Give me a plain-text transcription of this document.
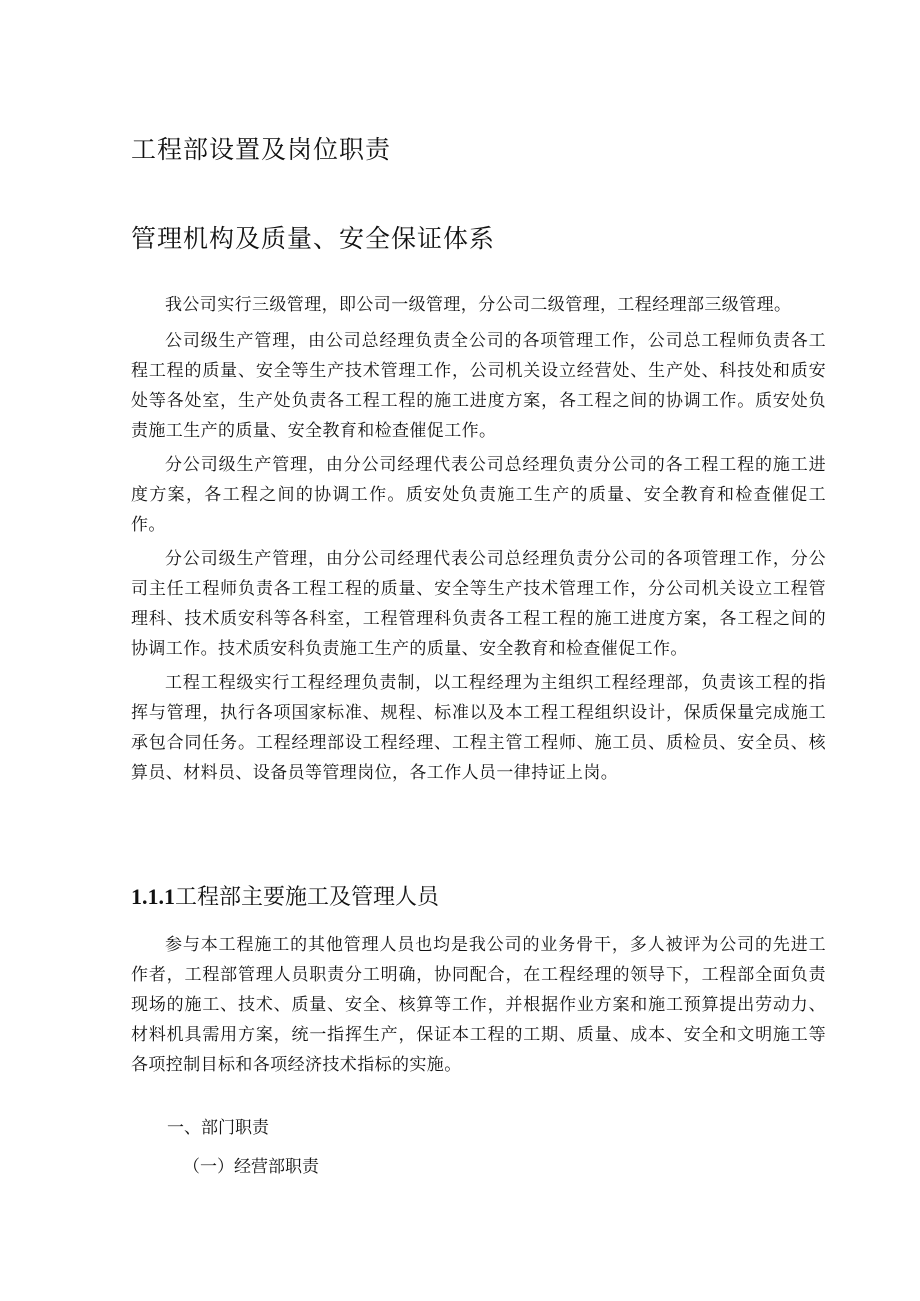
工程部设置及岗位职责
管理机构及质量、安全保证体系

我公司实行三级管理，即公司一级管理，分公司二级管理，工程经理部三级管理。

公司级生产管理，由公司总经理负责全公司的各项管理工作，公司总工程师负责各工程工程的质量、安全等生产技术管理工作，公司机关设立经营处、生产处、科技处和质安处等各处室，生产处负责各工程工程的施工进度方案，各工程之间的协调工作。质安处负责施工生产的质量、安全教育和检查催促工作。

分公司级生产管理，由分公司经理代表公司总经理负责分公司的各工程工程的施工进度方案，各工程之间的协调工作。质安处负责施工生产的质量、安全教育和检查催促工作。

分公司级生产管理，由分公司经理代表公司总经理负责分公司的各项管理工作，分公司主任工程师负责各工程工程的质量、安全等生产技术管理工作，分公司机关设立工程管理科、技术质安科等各科室，工程管理科负责各工程工程的施工进度方案，各工程之间的协调工作。技术质安科负责施工生产的质量、安全教育和检查催促工作。

工程工程级实行工程经理负责制，以工程经理为主组织工程经理部，负责该工程的指挥与管理，执行各项国家标准、规程、标准以及本工程工程组织设计，保质保量完成施工承包合同任务。工程经理部设工程经理、工程主管工程师、施工员、质检员、安全员、核算员、材料员、设备员等管理岗位，各工作人员一律持证上岗。

1.1.1工程部主要施工及管理人员

参与本工程施工的其他管理人员也均是我公司的业务骨干，多人被评为公司的先进工作者，工程部管理人员职责分工明确，协同配合，在工程经理的领导下，工程部全面负责现场的施工、技术、质量、安全、核算等工作，并根据作业方案和施工预算提出劳动力、材料机具需用方案，统一指挥生产，保证本工程的工期、质量、成本、安全和文明施工等各项控制目标和各项经济技术指标的实施。

一、部门职责
（一）经营部职责
